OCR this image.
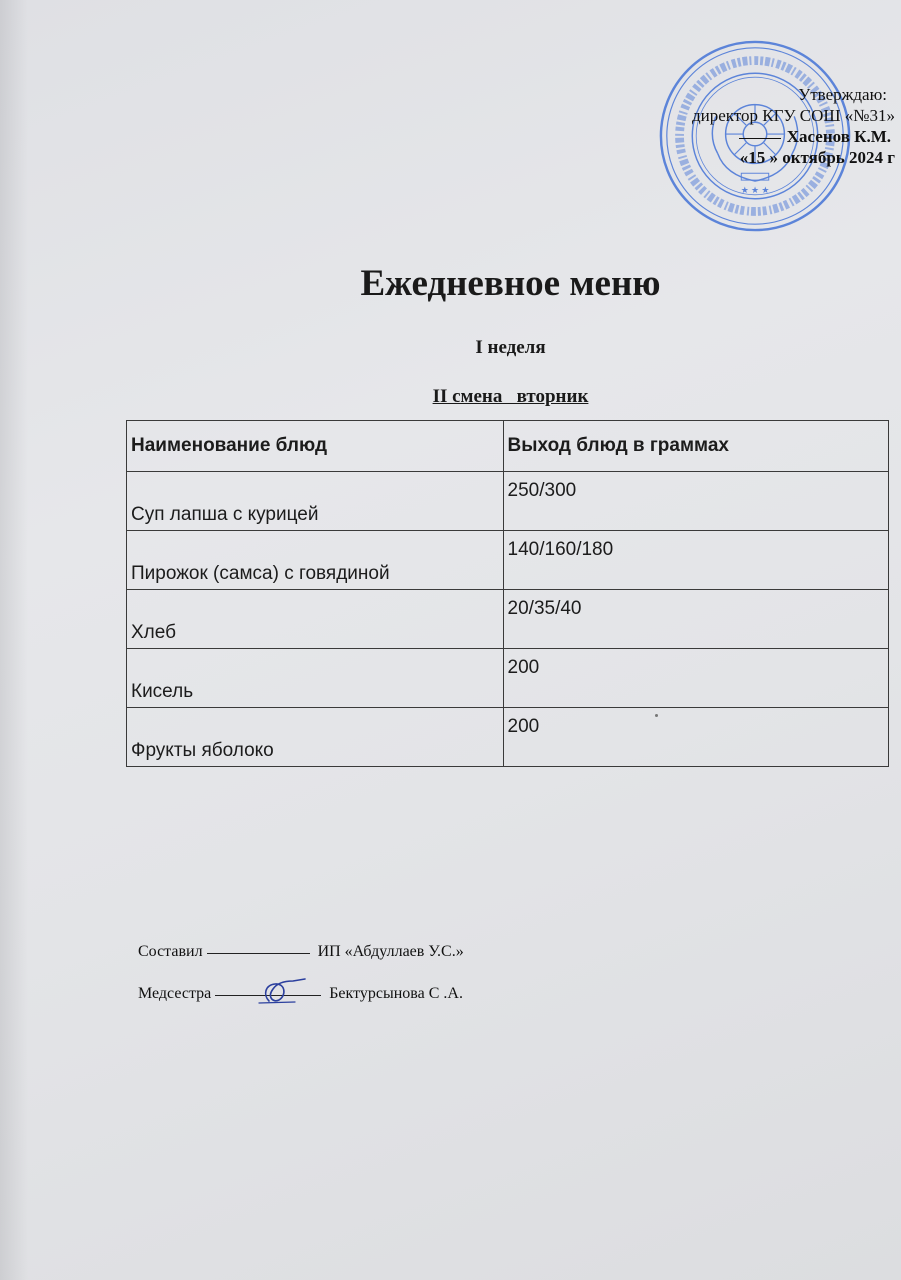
★ ★ ★
Утверждаю:
директор КГУ СОШ «№31»
Хасенов К.М.
«15 » октябрь 2024 г
Ежедневное меню
I неделя
II смена   вторник
Наименование блюд	Выход блюд в граммах
Суп лапша с курицей	250/300
Пирожок (самса) с говядиной	140/160/180
Хлеб	20/35/40
Кисель	200
Фрукты яболоко	200
Составил	ИП «Абдуллаев У.С.»
Медсестра	Бектурсынова С .А.
